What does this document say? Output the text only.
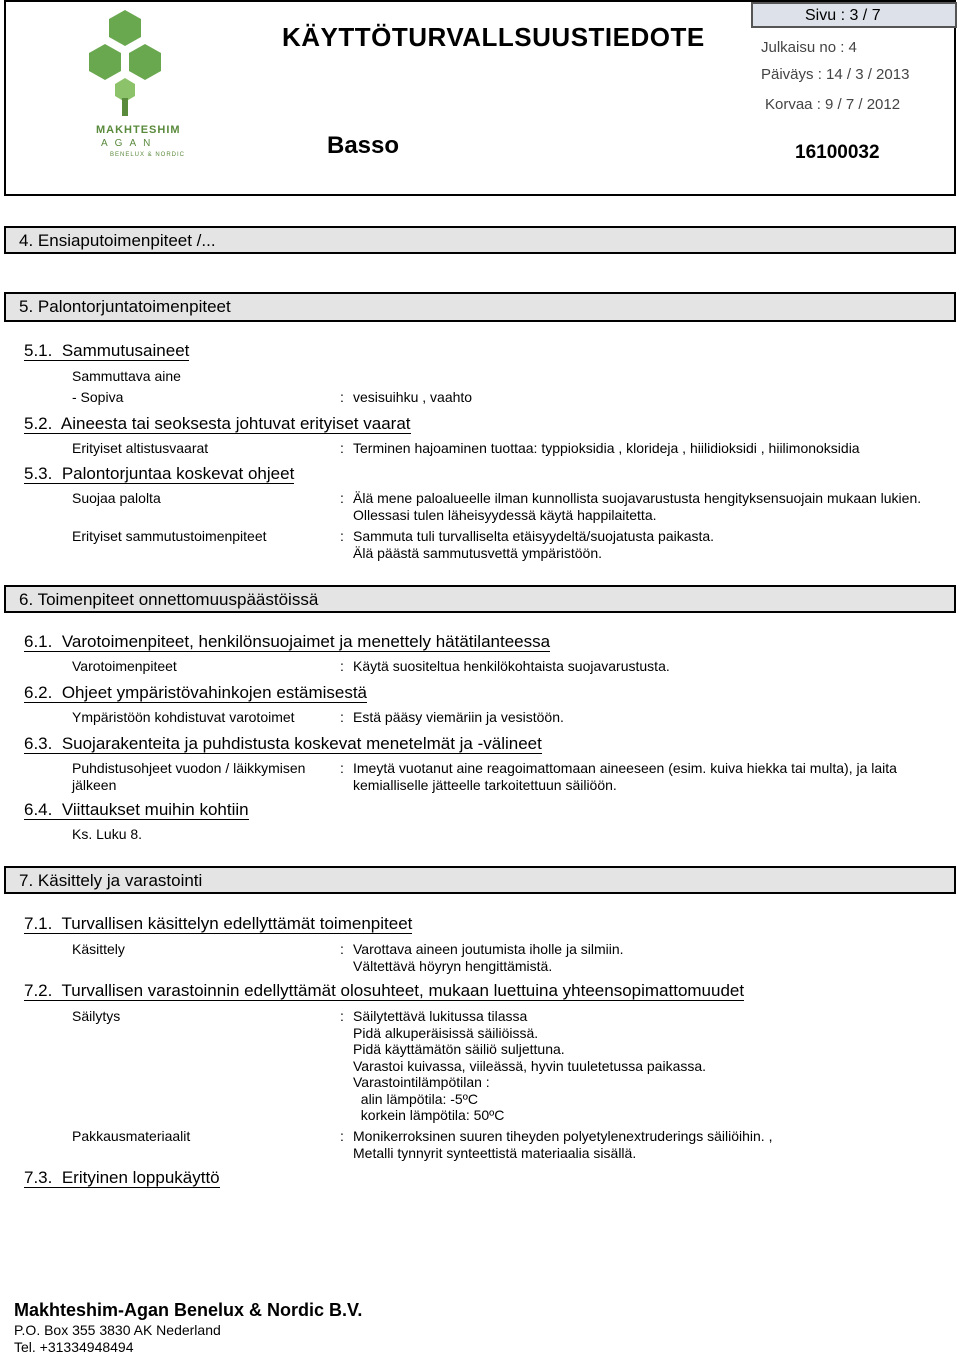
MAKHTESHIM
AGAN
BENELUX & NORDIC
KÄYTTÖTURVALLSUUSTIEDOTE
Sivu : 3 / 7
Julkaisu no : 4
Päiväys : 14 / 3 / 2013
Korvaa : 9 / 7 / 2012
Basso	16100032
4. Ensiaputoimenpiteet /...
5. Palontorjuntatoimenpiteet
5.1. Sammutusaineet
Sammuttava aine
- Sopiva	: vesisuihku , vaahto
5.2. Aineesta tai seoksesta johtuvat erityiset vaarat
Erityiset altistusvaarat	: Terminen hajoaminen tuottaa: typpioksidia , klorideja , hiilidioksidi , hiilimonoksidia
5.3. Palontorjuntaa koskevat ohjeet
Suojaa palolta	: Älä mene paloalueelle ilman kunnollista suojavarustusta hengityksensuojain mukaan lukien.
Ollessasi tulen läheisyydessä käytä happilaitetta.
Erityiset sammutustoimenpiteet	: Sammuta tuli turvalliselta etäisyydeltä/suojatusta paikasta.
Älä päästä sammutusvettä ympäristöön.
6. Toimenpiteet onnettomuuspäästöissä
6.1. Varotoimenpiteet, henkilönsuojaimet ja menettely hätätilanteessa
Varotoimenpiteet	: Käytä suositeltua henkilökohtaista suojavarustusta.
6.2. Ohjeet ympäristövahinkojen estämisestä
Ympäristöön kohdistuvat varotoimet	: Estä pääsy viemäriin ja vesistöön.
6.3. Suojarakenteita ja puhdistusta koskevat menetelmät ja -välineet
Puhdistusohjeet vuodon / läikkymisen
jälkeen
: Imeytä vuotanut aine reagoimattomaan aineeseen (esim. kuiva hiekka tai multa), ja laita
kemialliselle jätteelle tarkoitettuun säiliöön.
6.4. Viittaukset muihin kohtiin
Ks. Luku 8.
7. Käsittely ja varastointi
7.1. Turvallisen käsittelyn edellyttämät toimenpiteet
Käsittely	: Varottava aineen joutumista iholle ja silmiin.
Vältettävä höyryn hengittämistä.
7.2. Turvallisen varastoinnin edellyttämät olosuhteet, mukaan luettuina yhteensopimattomuudet
Säilytys	: Säilytettävä lukitussa tilassa
Pidä alkuperäisissä säiliöissä.
Pidä käyttämätön säiliö suljettuna.
Varastoi kuivassa, viileässä, hyvin tuuletetussa paikassa.
Varastointilämpötilan :
alin lämpötila: -5ºC
korkein lämpötila: 50ºC
Pakkausmateriaalit	: Monikerroksinen suuren tiheyden polyetylenextruderings säiliöihin. ,
Metalli tynnyrit synteettistä materiaalia sisällä.
7.3. Erityinen loppukäyttö
Makhteshim-Agan Benelux & Nordic B.V.
P.O. Box 355 3830 AK Nederland
Tel. +31334948494
